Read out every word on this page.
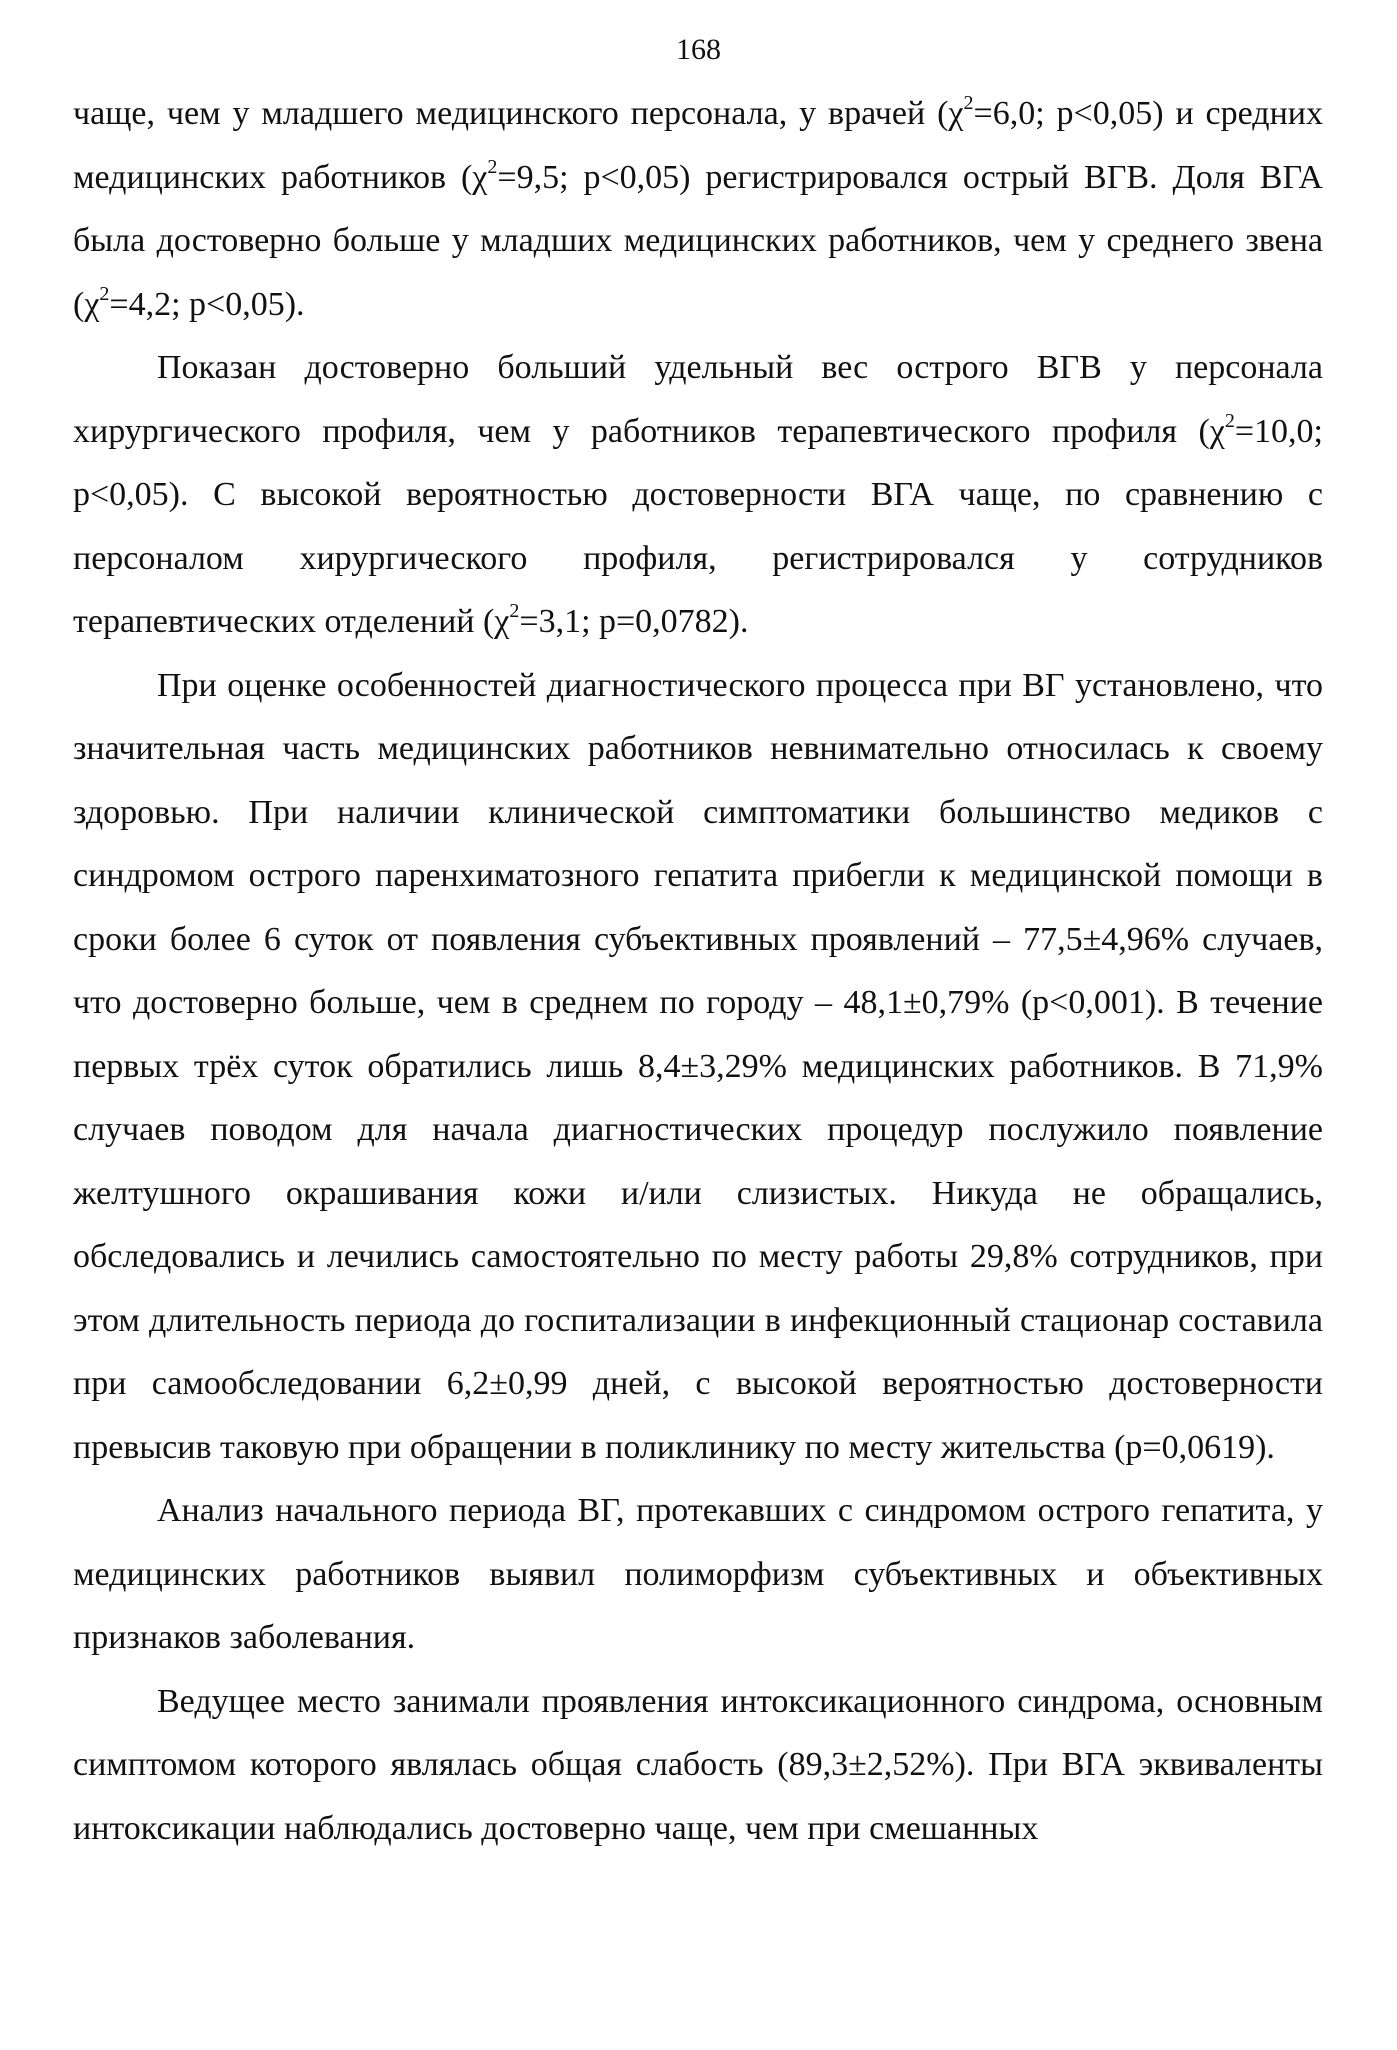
168

чаще, чем у младшего медицинского персонала, у врачей ($\chi^2=6,0$; p<0,05) и средних медицинских работников ($\chi^2=9,5$; p<0,05) регистрировался острый ВГВ. Доля ВГА была достоверно больше у младших медицинских работников, чем у среднего звена ($\chi^2=4,2$; p<0,05).

Показан достоверно больший удельный вес острого ВГВ у персонала хирургического профиля, чем у работников терапевтического профиля ($\chi^2=10,0$; p<0,05). С высокой вероятностью достоверности ВГА чаще, по сравнению с персоналом хирургического профиля, регистрировался у сотрудников терапевтических отделений ($\chi^2=3,1$; p=0,0782).

При оценке особенностей диагностического процесса при ВГ установлено, что значительная часть медицинских работников невнимательно относилась к своему здоровью. При наличии клинической симптоматики большинство медиков с синдромом острого паренхиматозного гепатита прибегли к медицинской помощи в сроки более 6 суток от появления субъективных проявлений – 77,5±4,96% случаев, что достоверно больше, чем в среднем по городу – 48,1±0,79% (p<0,001). В течение первых трёх суток обратились лишь 8,4±3,29% медицинских работников. В 71,9% случаев поводом для начала диагностических процедур послужило появление желтушного окрашивания кожи и/или слизистых. Никуда не обращались, обследовались и лечились самостоятельно по месту работы 29,8% сотрудников, при этом длительность периода до госпитализации в инфекционный стационар составила при самообследовании 6,2±0,99 дней, с высокой вероятностью достоверности превысив таковую при обращении в поликлинику по месту жительства (p=0,0619).

Анализ начального периода ВГ, протекавших с синдромом острого гепатита, у медицинских работников выявил полиморфизм субъективных и объективных признаков заболевания.

Ведущее место занимали проявления интоксикационного синдрома, основным симптомом которого являлась общая слабость (89,3±2,52%). При ВГА эквиваленты интоксикации наблюдались достоверно чаще, чем при смешанных
